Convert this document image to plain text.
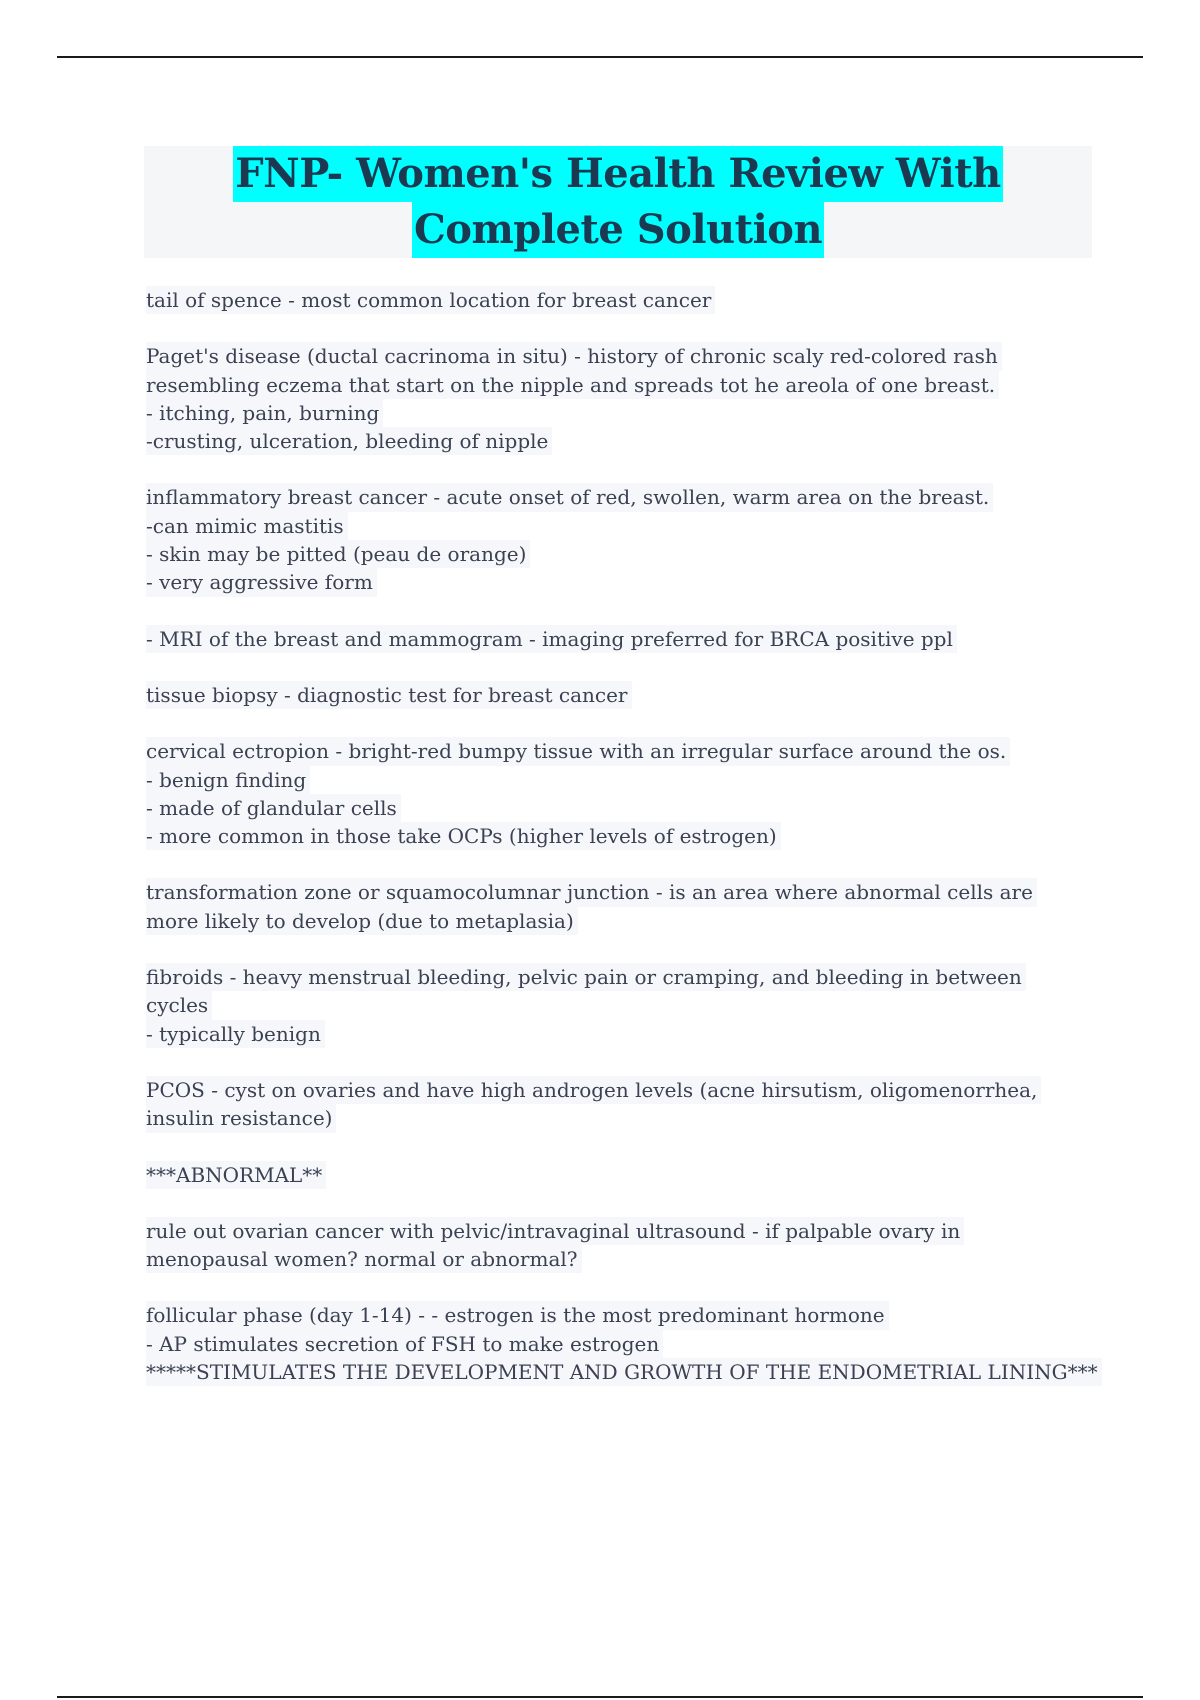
FNP- Women's Health Review With
Complete Solution
tail of spence - most common location for breast cancer
Paget's disease (ductal cacrinoma in situ) - history of chronic scaly red-colored rash
resembling eczema that start on the nipple and spreads tot he areola of one breast.
- itching, pain, burning
-crusting, ulceration, bleeding of nipple
inflammatory breast cancer - acute onset of red, swollen, warm area on the breast.
-can mimic mastitis
- skin may be pitted (peau de orange)
- very aggressive form
- MRI of the breast and mammogram - imaging preferred for BRCA positive ppl
tissue biopsy - diagnostic test for breast cancer
cervical ectropion - bright-red bumpy tissue with an irregular surface around the os.
- benign finding
- made of glandular cells
- more common in those take OCPs (higher levels of estrogen)
transformation zone or squamocolumnar junction - is an area where abnormal cells are
more likely to develop (due to metaplasia)
fibroids - heavy menstrual bleeding, pelvic pain or cramping, and bleeding in between
cycles
- typically benign
PCOS - cyst on ovaries and have high androgen levels (acne hirsutism, oligomenorrhea,
insulin resistance)
***ABNORMAL**
rule out ovarian cancer with pelvic/intravaginal ultrasound - if palpable ovary in
menopausal women? normal or abnormal?
follicular phase (day 1-14) - - estrogen is the most predominant hormone
- AP stimulates secretion of FSH to make estrogen
*****STIMULATES THE DEVELOPMENT AND GROWTH OF THE ENDOMETRIAL LINING***
